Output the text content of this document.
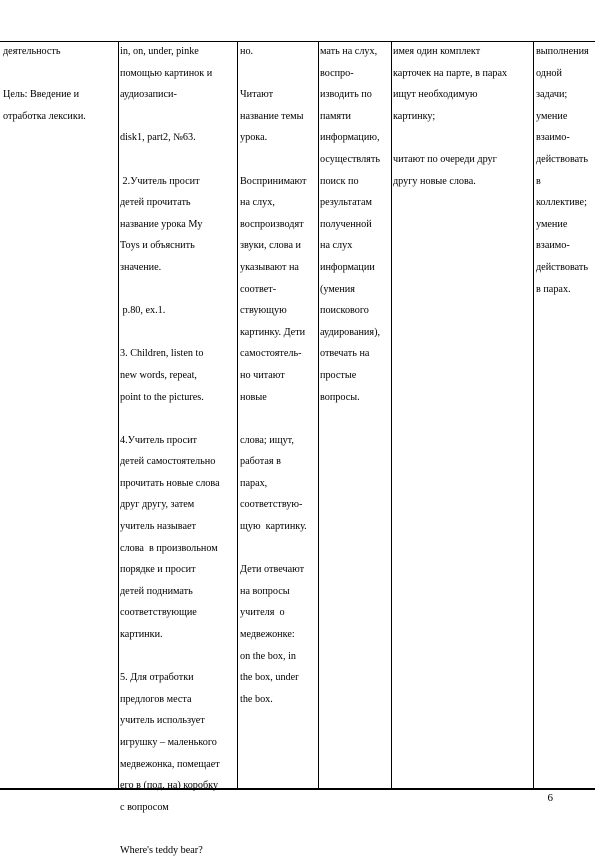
деятельность

Цель: Введение и
отработка лексики.
in, on, under, pinke
помощью картинок и
аудиозаписи-

disk1, part2, №63.

2.Учитель просит
детей прочитать
название урока My
Toys и объяснить
значение.

p.80, ex.1.

3. Children, listen to
new words, repeat,
point to the pictures.

4.Учитель просит
детей самостоятельно
прочитать новые слова
друг другу, затем
учитель называет
слова  в произвольном
порядке и просит
детей поднимать
соответствующие
картинки.

5. Для отработки
предлогов места
учитель использует
игрушку – маленького
медвежонка, помещает
его в (под, на) коробку
с вопросом

Where's teddy bear?
но.

Читают
название темы
урока.

Воспринимают
на слух,
воспроизводят
звуки, слова и
указывают на
соответ-
ствующую
картинку. Дети
самостоятель-
но читают
новые

слова; ищут,
работая в
парах,
соответствую-
щую  картинку.

Дети отвечают
на вопросы
учителя  о
медвежонке:
on the box, in
the box, under
the box.
мать на слух,
воспро-
изводить по
памяти
информацию,
осуществлять
поиск по
результатам
полученной
на слух
информации
(умения
поискового
аудирования),
отвечать на
простые
вопросы.
имея один комплект
карточек на парте, в парах
ищут необходимую
картинку;

читают по очереди друг
другу новые слова.
выполнения
одной
задачи;
умение
взаимо-
действовать
в
коллективе;
умение
взаимо-
действовать
в парах.
6
